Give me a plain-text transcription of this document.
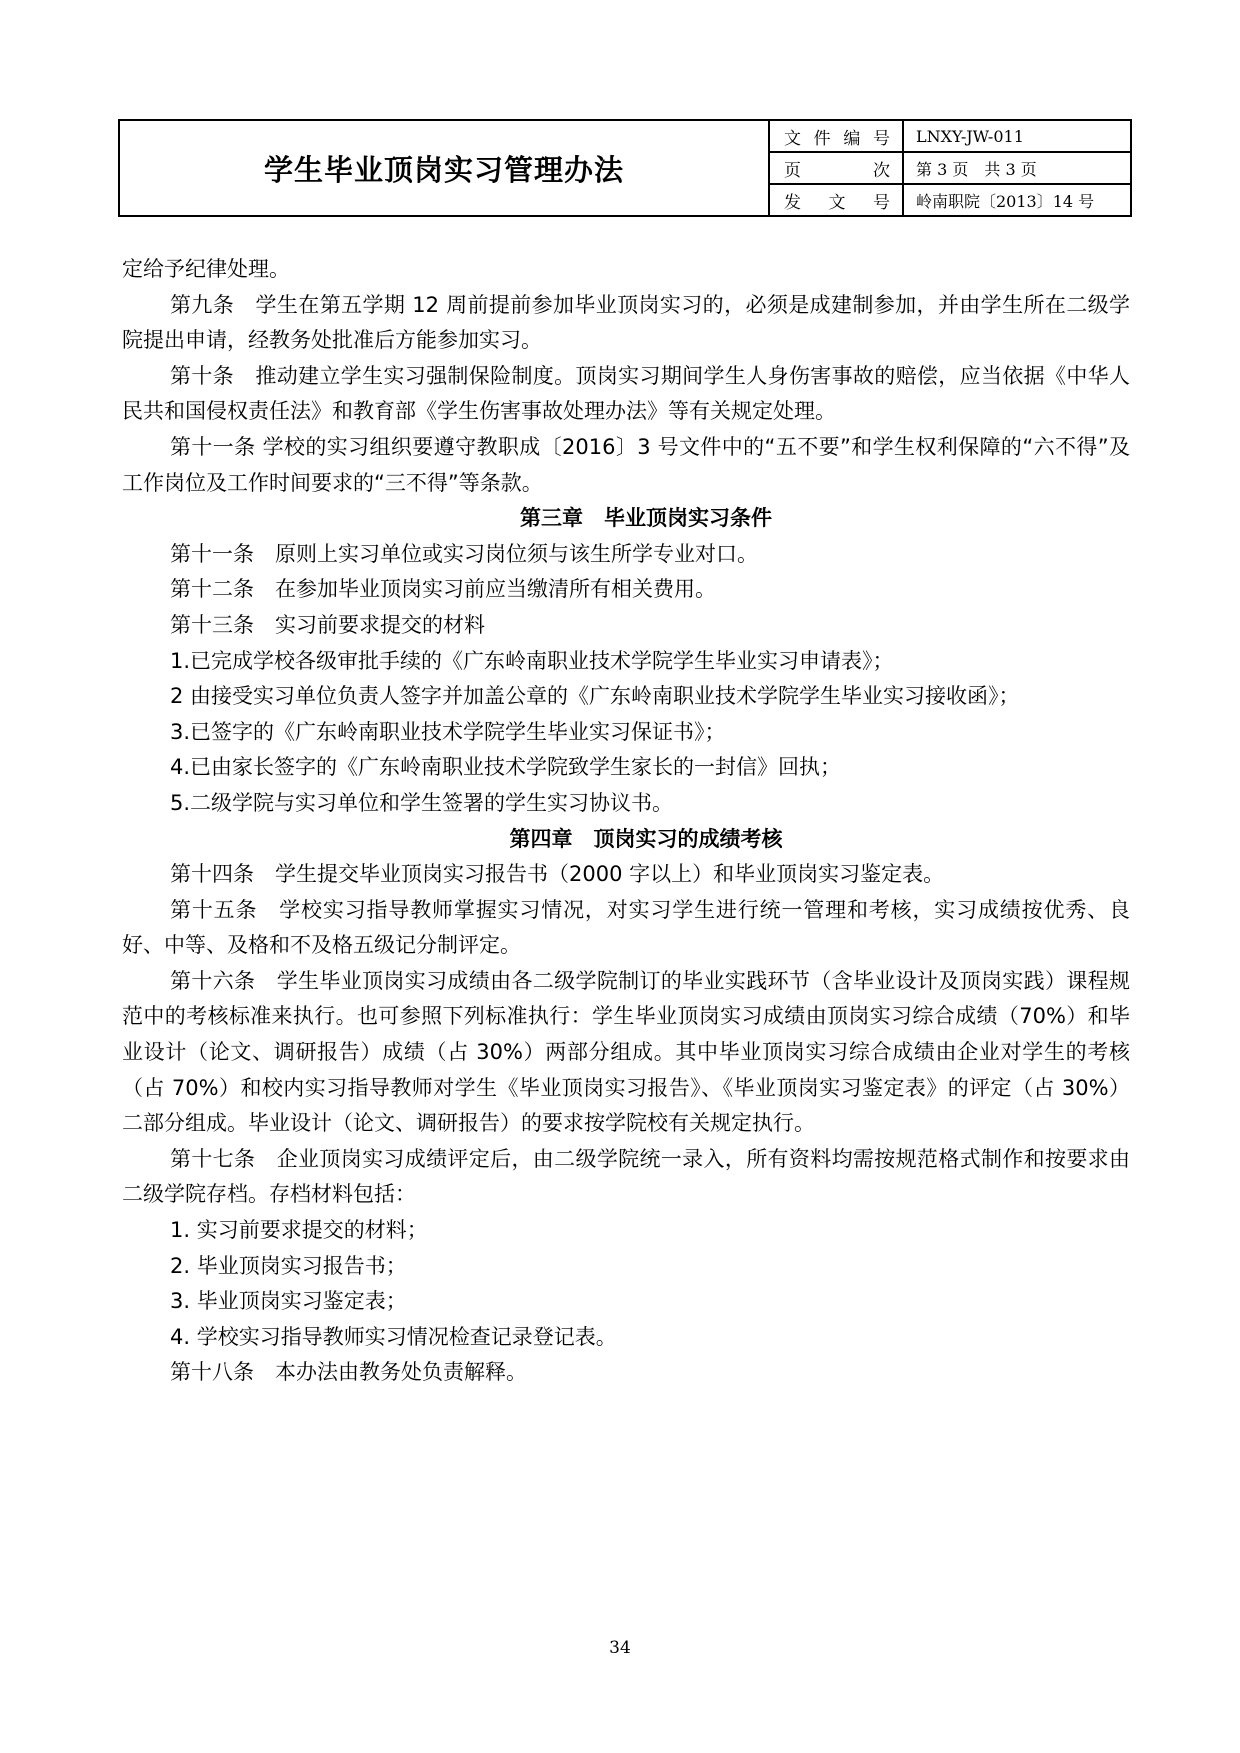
学生毕业顶岗实习管理办法	文件编号	LNXY-JW-011
	页次	第 3 页　共 3 页
	发文号	岭南职院〔2013〕14 号

定给予纪律处理。

第九条　学生在第五学期 12 周前提前参加毕业顶岗实习的，必须是成建制参加，并由学生所在二级学院提出申请，经教务处批准后方能参加实习。

第十条　推动建立学生实习强制保险制度。顶岗实习期间学生人身伤害事故的赔偿，应当依据《中华人民共和国侵权责任法》和教育部《学生伤害事故处理办法》等有关规定处理。

第十一条 学校的实习组织要遵守教职成〔2016〕3 号文件中的“五不要”和学生权利保障的“六不得”及工作岗位及工作时间要求的“三不得”等条款。

第三章　毕业顶岗实习条件

第十一条　原则上实习单位或实习岗位须与该生所学专业对口。

第十二条　在参加毕业顶岗实习前应当缴清所有相关费用。

第十三条　实习前要求提交的材料

1.已完成学校各级审批手续的《广东岭南职业技术学院学生毕业实习申请表》；

2 由接受实习单位负责人签字并加盖公章的《广东岭南职业技术学院学生毕业实习接收函》；

3.已签字的《广东岭南职业技术学院学生毕业实习保证书》；

4.已由家长签字的《广东岭南职业技术学院致学生家长的一封信》回执；

5.二级学院与实习单位和学生签署的学生实习协议书。

第四章　顶岗实习的成绩考核

第十四条　学生提交毕业顶岗实习报告书（2000 字以上）和毕业顶岗实习鉴定表。

第十五条　学校实习指导教师掌握实习情况，对实习学生进行统一管理和考核，实习成绩按优秀、良好、中等、及格和不及格五级记分制评定。

第十六条　学生毕业顶岗实习成绩由各二级学院制订的毕业实践环节（含毕业设计及顶岗实践）课程规范中的考核标准来执行。也可参照下列标准执行：学生毕业顶岗实习成绩由顶岗实习综合成绩（70%）和毕业设计（论文、调研报告）成绩（占 30%）两部分组成。其中毕业顶岗实习综合成绩由企业对学生的考核（占 70%）和校内实习指导教师对学生《毕业顶岗实习报告》、《毕业顶岗实习鉴定表》的评定（占 30%）二部分组成。毕业设计（论文、调研报告）的要求按学院校有关规定执行。

第十七条　企业顶岗实习成绩评定后，由二级学院统一录入，所有资料均需按规范格式制作和按要求由二级学院存档。存档材料包括：

1. 实习前要求提交的材料；

2. 毕业顶岗实习报告书；

3. 毕业顶岗实习鉴定表；

4. 学校实习指导教师实习情况检查记录登记表。

第十八条　本办法由教务处负责解释。

34
